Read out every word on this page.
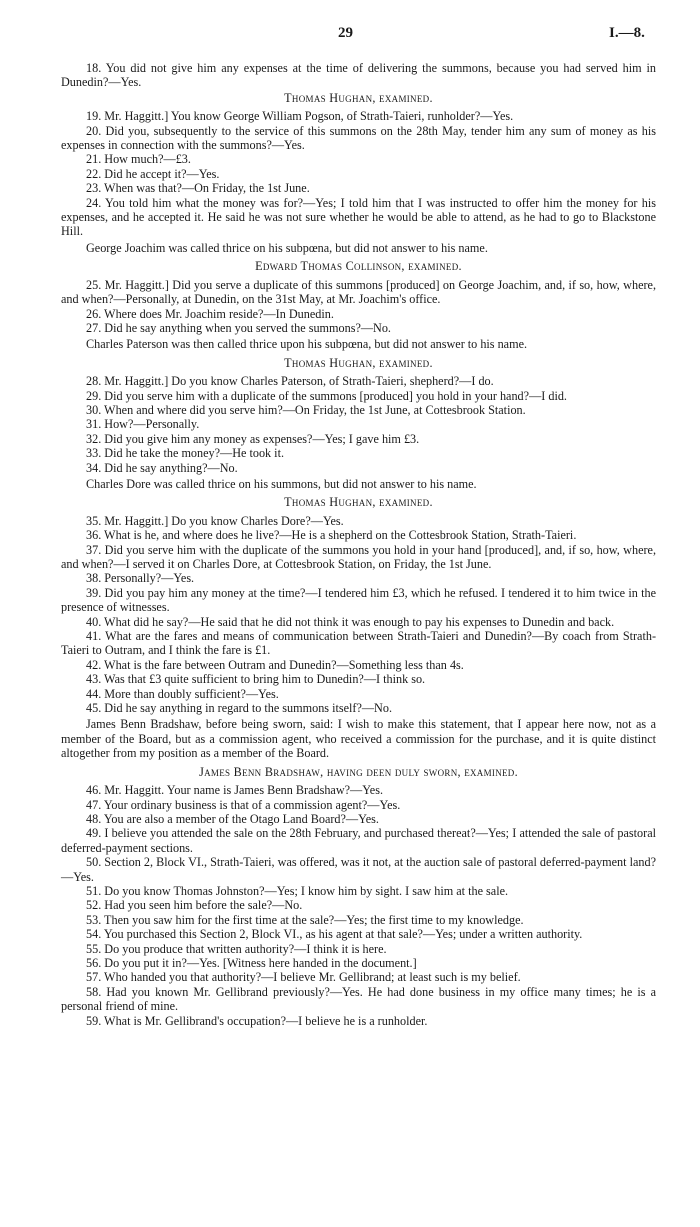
29	I.—8.

18. You did not give him any expenses at the time of delivering the summons, because you had served him in Dunedin?—Yes.

Thomas Hughan, examined.

19. Mr. Haggitt.] You know George William Pogson, of Strath-Taieri, runholder?—Yes.

20. Did you, subsequently to the service of this summons on the 28th May, tender him any sum of money as his expenses in connection with the summons?—Yes.

21. How much?—£3.

22. Did he accept it?—Yes.

23. When was that?—On Friday, the 1st June.

24. You told him what the money was for?—Yes; I told him that I was instructed to offer him the money for his expenses, and he accepted it. He said he was not sure whether he would be able to attend, as he had to go to Blackstone Hill.

George Joachim was called thrice on his subpœna, but did not answer to his name.

Edward Thomas Collinson, examined.

25. Mr. Haggitt.] Did you serve a duplicate of this summons [produced] on George Joachim, and, if so, how, where, and when?—Personally, at Dunedin, on the 31st May, at Mr. Joachim's office.

26. Where does Mr. Joachim reside?—In Dunedin.

27. Did he say anything when you served the summons?—No.

Charles Paterson was then called thrice upon his subpœna, but did not answer to his name.

Thomas Hughan, examined.

28. Mr. Haggitt.] Do you know Charles Paterson, of Strath-Taieri, shepherd?—I do.

29. Did you serve him with a duplicate of the summons [produced] you hold in your hand?—I did.

30. When and where did you serve him?—On Friday, the 1st June, at Cottesbrook Station.

31. How?—Personally.

32. Did you give him any money as expenses?—Yes; I gave him £3.

33. Did he take the money?—He took it.

34. Did he say anything?—No.

Charles Dore was called thrice on his summons, but did not answer to his name.

Thomas Hughan, examined.

35. Mr. Haggitt.] Do you know Charles Dore?—Yes.

36. What is he, and where does he live?—He is a shepherd on the Cottesbrook Station, Strath-Taieri.

37. Did you serve him with the duplicate of the summons you hold in your hand [produced], and, if so, how, where, and when?—I served it on Charles Dore, at Cottesbrook Station, on Friday, the 1st June.

38. Personally?—Yes.

39. Did you pay him any money at the time?—I tendered him £3, which he refused. I tendered it to him twice in the presence of witnesses.

40. What did he say?—He said that he did not think it was enough to pay his expenses to Dunedin and back.

41. What are the fares and means of communication between Strath-Taieri and Dunedin?—By coach from Strath-Taieri to Outram, and I think the fare is £1.

42. What is the fare between Outram and Dunedin?—Something less than 4s.

43. Was that £3 quite sufficient to bring him to Dunedin?—I think so.

44. More than doubly sufficient?—Yes.

45. Did he say anything in regard to the summons itself?—No.

James Benn Bradshaw, before being sworn, said: I wish to make this statement, that I appear here now, not as a member of the Board, but as a commission agent, who received a commission for the purchase, and it is quite distinct altogether from my position as a member of the Board.

James Benn Bradshaw, having deen duly sworn, examined.

46. Mr. Haggitt. Your name is James Benn Bradshaw?—Yes.

47. Your ordinary business is that of a commission agent?—Yes.

48. You are also a member of the Otago Land Board?—Yes.

49. I believe you attended the sale on the 28th February, and purchased thereat?—Yes; I attended the sale of pastoral deferred-payment sections.

50. Section 2, Block VI., Strath-Taieri, was offered, was it not, at the auction sale of pastoral deferred-payment land?—Yes.

51. Do you know Thomas Johnston?—Yes; I know him by sight. I saw him at the sale.

52. Had you seen him before the sale?—No.

53. Then you saw him for the first time at the sale?—Yes; the first time to my knowledge.

54. You purchased this Section 2, Block VI., as his agent at that sale?—Yes; under a written authority.

55. Do you produce that written authority?—I think it is here.

56. Do you put it in?—Yes. [Witness here handed in the document.]

57. Who handed you that authority?—I believe Mr. Gellibrand; at least such is my belief.

58. Had you known Mr. Gellibrand previously?—Yes. He had done business in my office many times; he is a personal friend of mine.

59. What is Mr. Gellibrand's occupation?—I believe he is a runholder.
